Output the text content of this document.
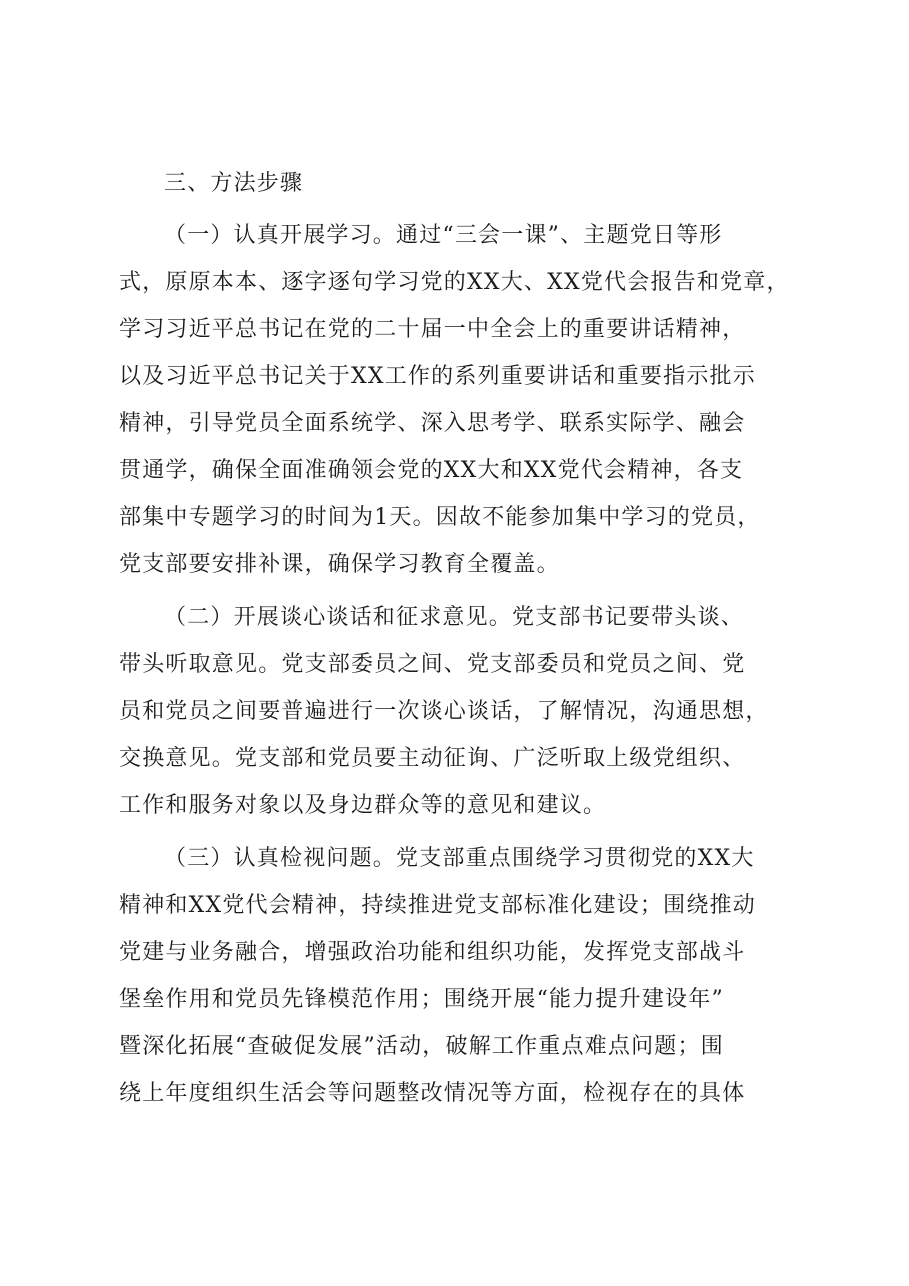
三、方法步骤
（一）认真开展学习。通过“三会一课”、主题党日等形
式，原原本本、逐字逐句学习党的XX大、XX党代会报告和党章，
学习习近平总书记在党的二十届一中全会上的重要讲话精神，
以及习近平总书记关于XX工作的系列重要讲话和重要指示批示
精神，引导党员全面系统学、深入思考学、联系实际学、融会
贯通学，确保全面准确领会党的XX大和XX党代会精神，各支
部集中专题学习的时间为1天。因故不能参加集中学习的党员，
党支部要安排补课，确保学习教育全覆盖。
（二）开展谈心谈话和征求意见。党支部书记要带头谈、
带头听取意见。党支部委员之间、党支部委员和党员之间、党
员和党员之间要普遍进行一次谈心谈话，了解情况，沟通思想，
交换意见。党支部和党员要主动征询、广泛听取上级党组织、
工作和服务对象以及身边群众等的意见和建议。
（三）认真检视问题。党支部重点围绕学习贯彻党的XX大
精神和XX党代会精神，持续推进党支部标准化建设；围绕推动
党建与业务融合，增强政治功能和组织功能，发挥党支部战斗
堡垒作用和党员先锋模范作用；围绕开展“能力提升建设年”
暨深化拓展“查破促发展”活动，破解工作重点难点问题；围
绕上年度组织生活会等问题整改情况等方面，检视存在的具体
